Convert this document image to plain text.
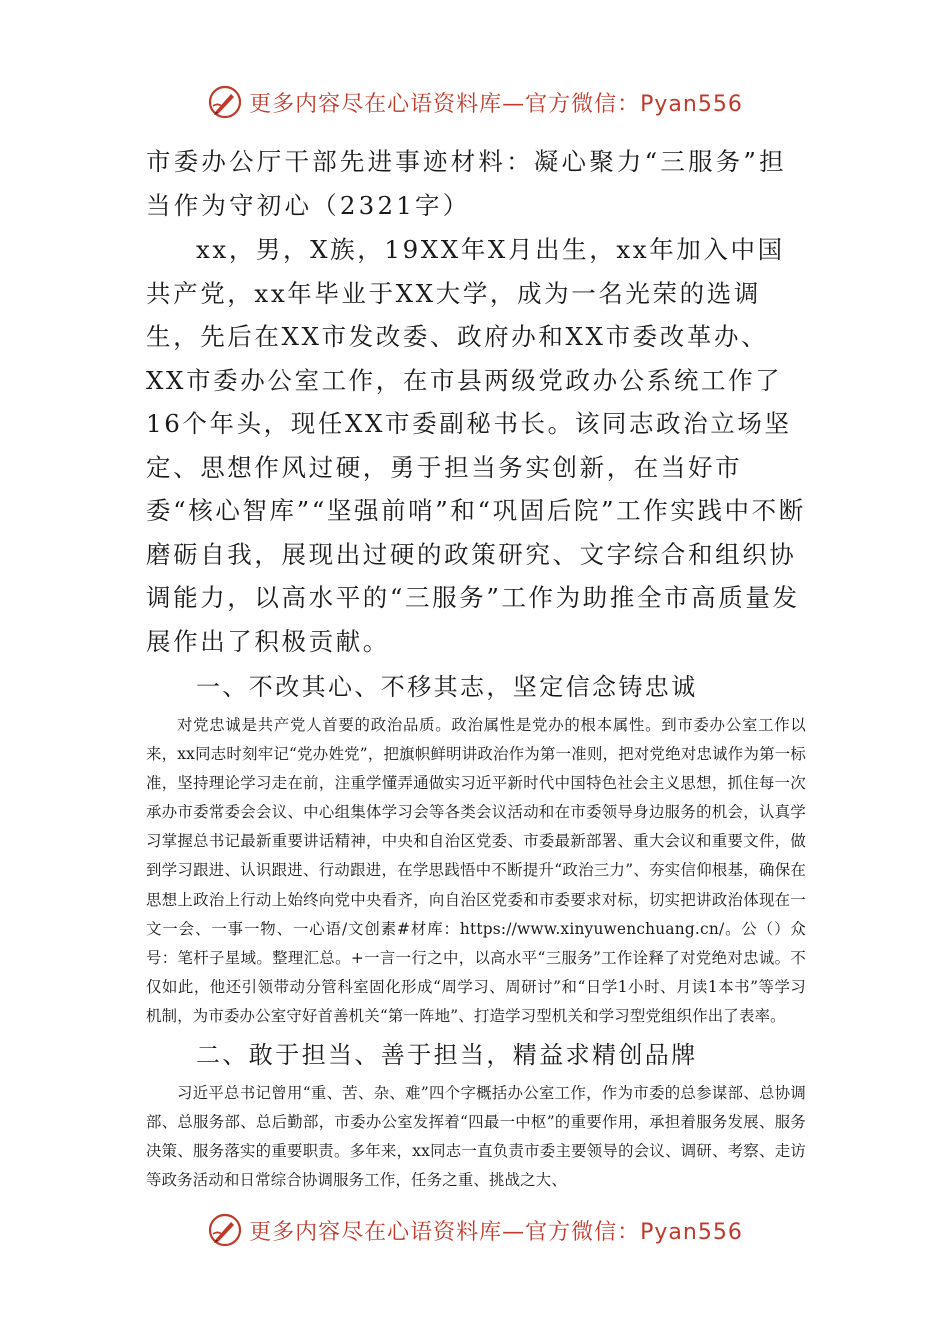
更多内容尽在心语资料库—官方微信：Pyan556
市委办公厅干部先进事迹材料：凝心聚力“三服务”担当作为守初心（2321字）

xx，男，X族，19XX年X月出生，xx年加入中国共产党，xx年毕业于XX大学，成为一名光荣的选调生，先后在XX市发改委、政府办和XX市委改革办、XX市委办公室工作，在市县两级党政办公系统工作了16个年头，现任XX市委副秘书长。该同志政治立场坚定、思想作风过硬，勇于担当务实创新，在当好市委“核心智库”“坚强前哨”和“巩固后院”工作实践中不断磨砺自我，展现出过硬的政策研究、文字综合和组织协调能力，以高水平的“三服务”工作为助推全市高质量发展作出了积极贡献。

一、不改其心、不移其志，坚定信念铸忠诚

对党忠诚是共产党人首要的政治品质。政治属性是党办的根本属性。到市委办公室工作以来，xx同志时刻牢记“党办姓党”，把旗帜鲜明讲政治作为第一准则，把对党绝对忠诚作为第一标准，坚持理论学习走在前，注重学懂弄通做实习近平新时代中国特色社会主义思想，抓住每一次承办市委常委会会议、中心组集体学习会等各类会议活动和在市委领导身边服务的机会，认真学习掌握总书记最新重要讲话精神，中央和自治区党委、市委最新部署、重大会议和重要文件，做到学习跟进、认识跟进、行动跟进，在学思践悟中不断提升“政治三力”、夯实信仰根基，确保在思想上政治上行动上始终向党中央看齐，向自治区党委和市委要求对标，切实把讲政治体现在一文一会、一事一物、一心语/文创素#材库：https://www.xinyuwenchuang.cn/。公（）众号：笔杆子星域。整理汇总。+一言一行之中，以高水平“三服务”工作诠释了对党绝对忠诚。不仅如此，他还引领带动分管科室固化形成“周学习、周研讨”和“日学1小时、月读1本书”等学习机制，为市委办公室守好首善机关“第一阵地”、打造学习型机关和学习型党组织作出了表率。

二、敢于担当、善于担当，精益求精创品牌

习近平总书记曾用“重、苦、杂、难”四个字概括办公室工作，作为市委的总参谋部、总协调部、总服务部、总后勤部，市委办公室发挥着“四最一中枢”的重要作用，承担着服务发展、服务决策、服务落实的重要职责。多年来，xx同志一直负责市委主要领导的会议、调研、考察、走访等政务活动和日常综合协调服务工作，任务之重、挑战之大、

更多内容尽在心语资料库—官方微信：Pyan556
